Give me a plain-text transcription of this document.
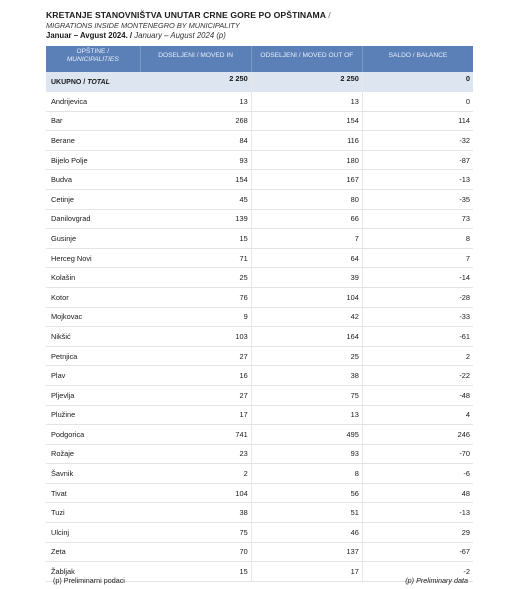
KRETANJE STANOVNIŠTVA UNUTAR CRNE GORE PO OPŠTINAMA /
MIGRATIONS INSIDE MONTENEGRO BY MUNICIPALITY
Januar – Avgust 2024. / January – August 2024 (p)
OPŠTINE /
MUNICIPALITIES	DOSELJENI / MOVED IN	ODSELJENI / MOVED OUT OF	SALDO / BALANCE

UKUPNO / TOTAL	2 250	2 250	0
Andrijevica	13	13	0
Bar	268	154	114
Berane	84	116	-32
Bijelo Polje	93	180	-87
Budva	154	167	-13
Cetinje	45	80	-35
Danilovgrad	139	66	73
Gusinje	15	7	8
Herceg Novi	71	64	7
Kolašin	25	39	-14
Kotor	76	104	-28
Mojkovac	9	42	-33
Nikšić	103	164	-61
Petnjica	27	25	2
Plav	16	38	-22
Pljevlja	27	75	-48
Plužine	17	13	4
Podgorica	741	495	246
Rožaje	23	93	-70
Šavnik	2	8	-6
Tivat	104	56	48
Tuzi	38	51	-13
Ulcinj	75	46	29
Zeta	70	137	-67
Žabljak	15	17	-2
(p) Preliminarni podaci	(p) Preliminary data
